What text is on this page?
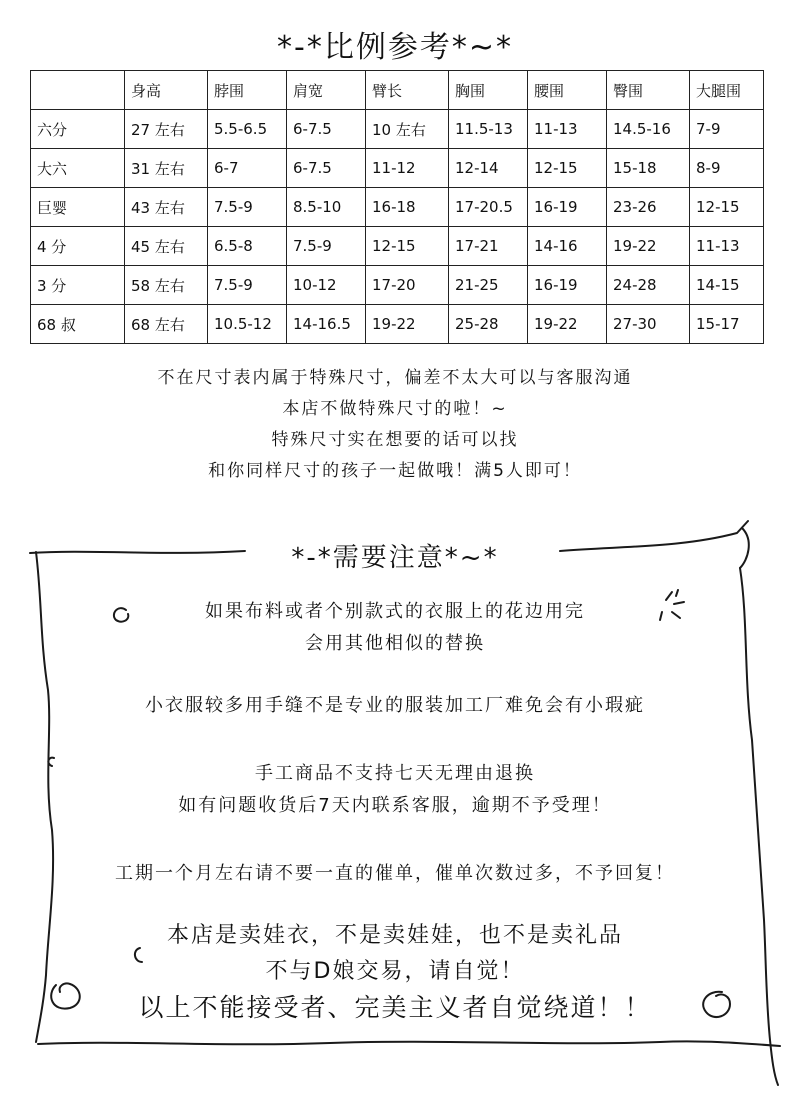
*-*比例参考*~*
	身高	脖围	肩宽	臂长	胸围	腰围	臀围	大腿围
六分	27 左右	5.5-6.5	6-7.5	10 左右	11.5-13	11-13	14.5-16	7-9
大六	31 左右	6-7	6-7.5	11-12	12-14	12-15	15-18	8-9
巨婴	43 左右	7.5-9	8.5-10	16-18	17-20.5	16-19	23-26	12-15
4 分	45 左右	6.5-8	7.5-9	12-15	17-21	14-16	19-22	11-13
3 分	58 左右	7.5-9	10-12	17-20	21-25	16-19	24-28	14-15
68 叔	68 左右	10.5-12	14-16.5	19-22	25-28	19-22	27-30	15-17
不在尺寸表内属于特殊尺寸，偏差不太大可以与客服沟通
本店不做特殊尺寸的啦！~
特殊尺寸实在想要的话可以找
和你同样尺寸的孩子一起做哦！满5人即可！
*-*需要注意*~*
如果布料或者个别款式的衣服上的花边用完
会用其他相似的替换
小衣服较多用手缝不是专业的服装加工厂难免会有小瑕疵
手工商品不支持七天无理由退换
如有问题收货后7天内联系客服，逾期不予受理！
工期一个月左右请不要一直的催单，催单次数过多，不予回复！
本店是卖娃衣，不是卖娃娃，也不是卖礼品
不与D娘交易，请自觉！
以上不能接受者、完美主义者自觉绕道！！
